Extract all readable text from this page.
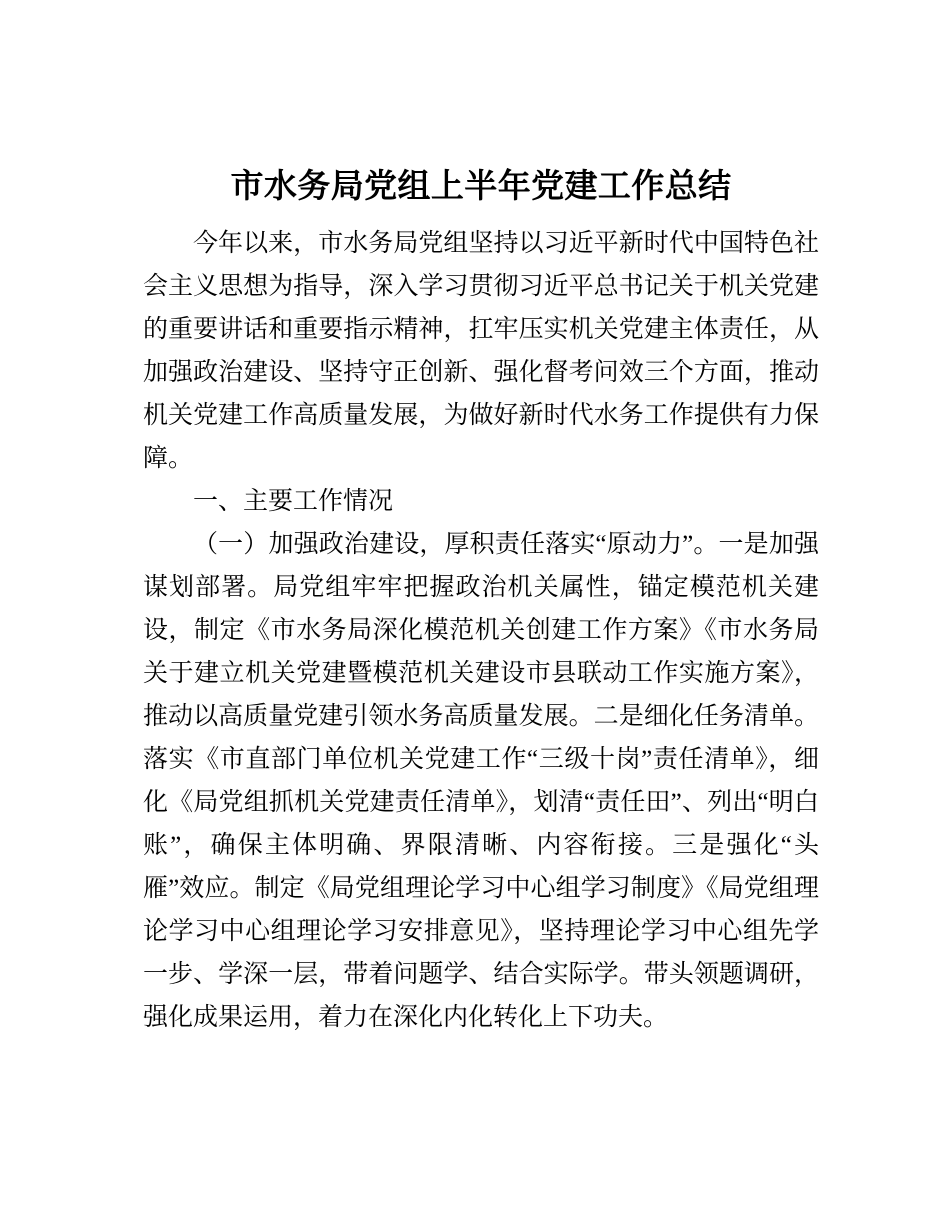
市水务局党组上半年党建工作总结

今年以来，市水务局党组坚持以习近平新时代中国特色社会主义思想为指导，深入学习贯彻习近平总书记关于机关党建的重要讲话和重要指示精神，扛牢压实机关党建主体责任，从加强政治建设、坚持守正创新、强化督考问效三个方面，推动机关党建工作高质量发展，为做好新时代水务工作提供有力保障。

一、主要工作情况

（一）加强政治建设，厚积责任落实“原动力”。一是加强谋划部署。局党组牢牢把握政治机关属性，锚定模范机关建设，制定《市水务局深化模范机关创建工作方案》《市水务局关于建立机关党建暨模范机关建设市县联动工作实施方案》，推动以高质量党建引领水务高质量发展。二是细化任务清单。落实《市直部门单位机关党建工作“三级十岗”责任清单》，细化《局党组抓机关党建责任清单》，划清“责任田”、列出“明白账”，确保主体明确、界限清晰、内容衔接。三是强化“头雁”效应。制定《局党组理论学习中心组学习制度》《局党组理论学习中心组理论学习安排意见》，坚持理论学习中心组先学一步、学深一层，带着问题学、结合实际学。带头领题调研，强化成果运用，着力在深化内化转化上下功夫。
